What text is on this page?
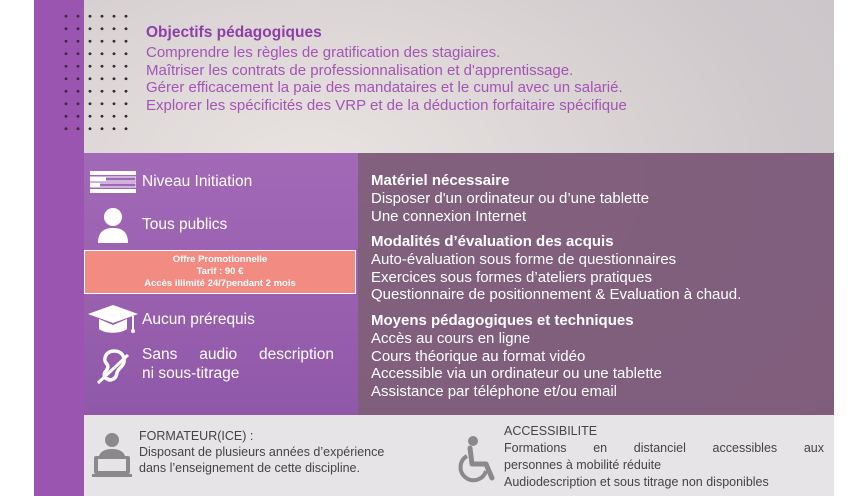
Objectifs pédagogiques
Comprendre les règles de gratification des stagiaires.
Maîtriser les contrats de professionnalisation et d'apprentissage.
Gérer efficacement la paie des mandataires et le cumul avec un salarié.
Explorer les spécificités des VRP et de la déduction forfaitaire spécifique
Niveau Initiation
Tous publics
Aucun prérequis
Sans audio description
ni sous-titrage
Offre Promotionnelle
Tarif : 90 €
Accès illimité 24/7pendant 2 mois
Matériel nécessaire
Disposer d'un ordinateur ou d’une tablette
Une connexion Internet
Modalités d’évaluation des acquis
Auto-évaluation sous forme de questionnaires
Exercices sous formes d’ateliers pratiques
Questionnaire de positionnement & Evaluation à chaud.
Moyens pédagogiques et techniques
Accès au cours en ligne
Cours théorique au format vidéo
Accessible via un ordinateur ou une tablette
Assistance par téléphone et/ou email
FORMATEUR(ICE) :
Disposant de plusieurs années d’expérience
dans l’enseignement de cette discipline.
ACCESSIBILITE
Formations en distanciel accessibles aux
personnes à mobilité réduite
Audiodescription et sous titrage non disponibles
